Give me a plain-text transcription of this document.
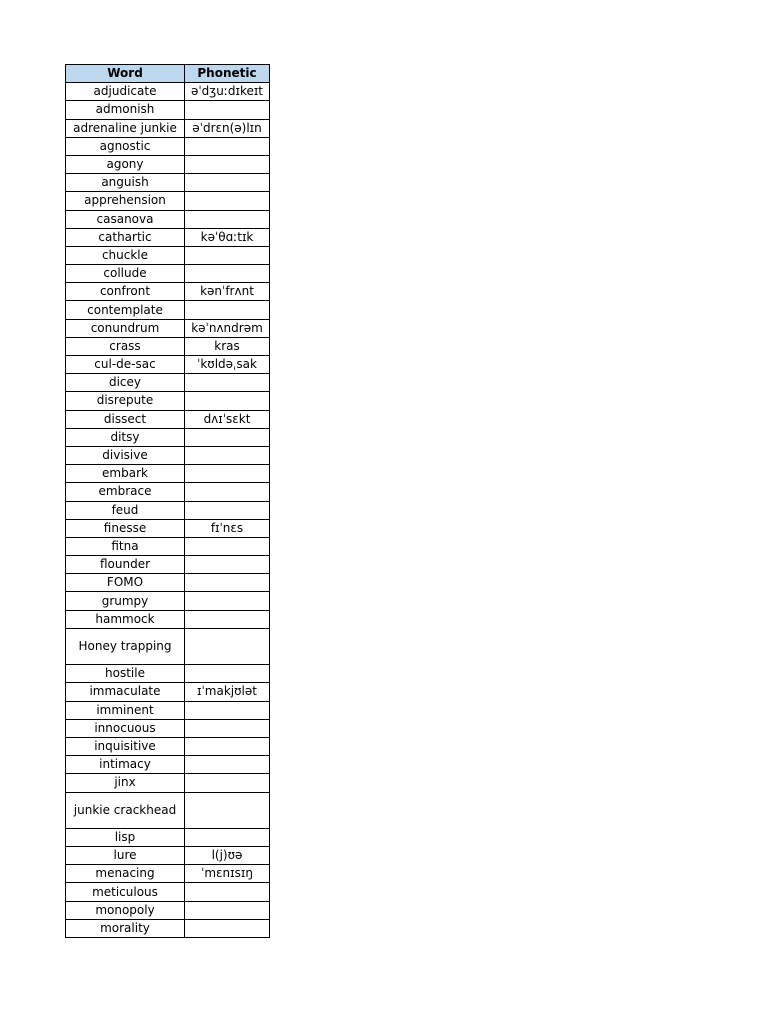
Word	Phonetic
adjudicate	əˈdʒuːdɪkeɪt
admonish	
adrenaline junkie	əˈdrɛn(ə)lɪn
agnostic	
agony	
anguish	
apprehension	
casanova	
cathartic	kəˈθɑːtɪk
chuckle	
collude	
confront	kənˈfrʌnt
contemplate	
conundrum	kəˈnʌndrəm
crass	kras
cul-de-sac	ˈkʊldəˌsak
dicey	
disrepute	
dissect	dʌɪˈsɛkt
ditsy	
divisive	
embark	
embrace	
feud	
finesse	fɪˈnɛs
fitna	
flounder	
FOMO	
grumpy	
hammock	
Honey trapping	
hostile	
immaculate	ɪˈmakjʊlət
imminent	
innocuous	
inquisitive	
intimacy	
jinx	
junkie crackhead	
lisp	
lure	l(j)ʊə
menacing	ˈmɛnɪsɪŋ
meticulous	
monopoly	
morality	
